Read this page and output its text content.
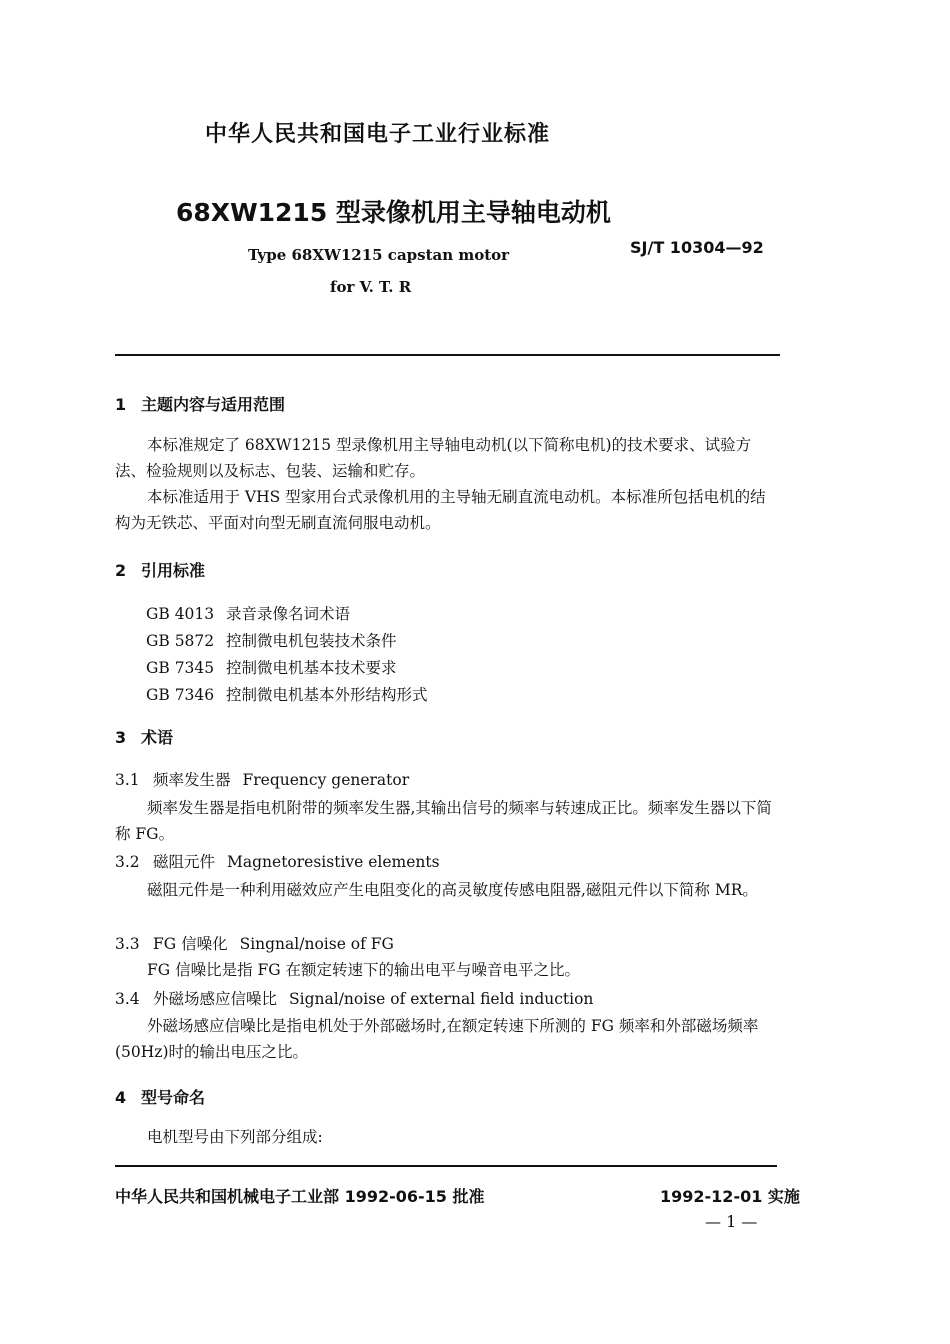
中华人民共和国电子工业行业标准
68XW1215 型录像机用主导轴电动机
Type 68XW1215 capstan motor
for V. T. R
SJ/T 10304—92
1 主题内容与适用范围
本标准规定了 68XW1215 型录像机用主导轴电动机(以下简称电机)的技术要求、试验方法、检验规则以及标志、包装、运输和贮存。
本标准适用于 VHS 型家用台式录像机用的主导轴无刷直流电动机。本标准所包括电机的结构为无铁芯、平面对向型无刷直流伺服电动机。
2 引用标准
GB 4013 录音录像名词术语
GB 5872 控制微电机包装技术条件
GB 7345 控制微电机基本技术要求
GB 7346 控制微电机基本外形结构形式
3 术语
3.1 频率发生器 Frequency generator
频率发生器是指电机附带的频率发生器,其输出信号的频率与转速成正比。频率发生器以下简称 FG。
3.2 磁阻元件 Magnetoresistive elements
磁阻元件是一种利用磁效应产生电阻变化的高灵敏度传感电阻器,磁阻元件以下简称 MR。
3.3 FG 信噪化 Singnal/noise of FG
FG 信噪比是指 FG 在额定转速下的输出电平与噪音电平之比。
3.4 外磁场感应信噪比 Signal/noise of external field induction
外磁场感应信噪比是指电机处于外部磁场时,在额定转速下所测的 FG 频率和外部磁场频率(50Hz)时的输出电压之比。
4 型号命名
电机型号由下列部分组成:
中华人民共和国机械电子工业部 1992-06-15 批准	1992-12-01 实施
— 1 —
